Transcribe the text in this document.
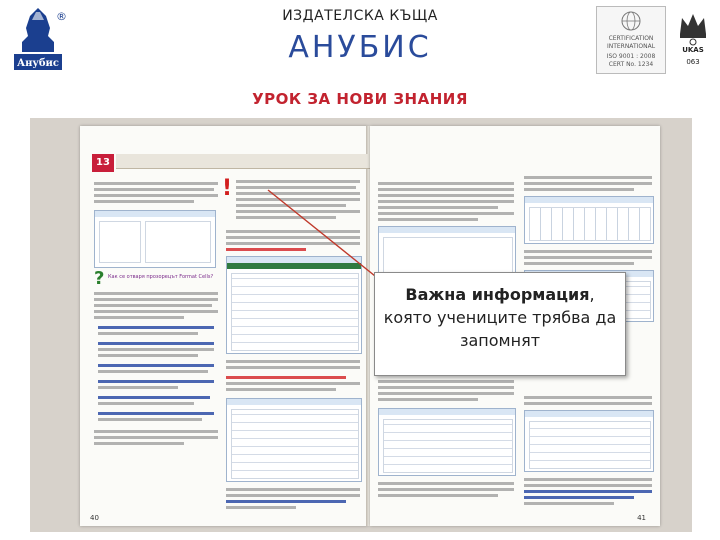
Анубис
®	ИЗДАТЕЛСКА КЪЩА
АНУБИС	CERTIFICATION
INTERNATIONAL
ISO 9001 : 2008
CERT No. 1234
UKAS
063
УРОК ЗА НОВИ ЗНАНИЯ
13
? Как се отваря прозорецът Format Cells?
!
40	41
Важна информация, която учениците трябва да запомнят
